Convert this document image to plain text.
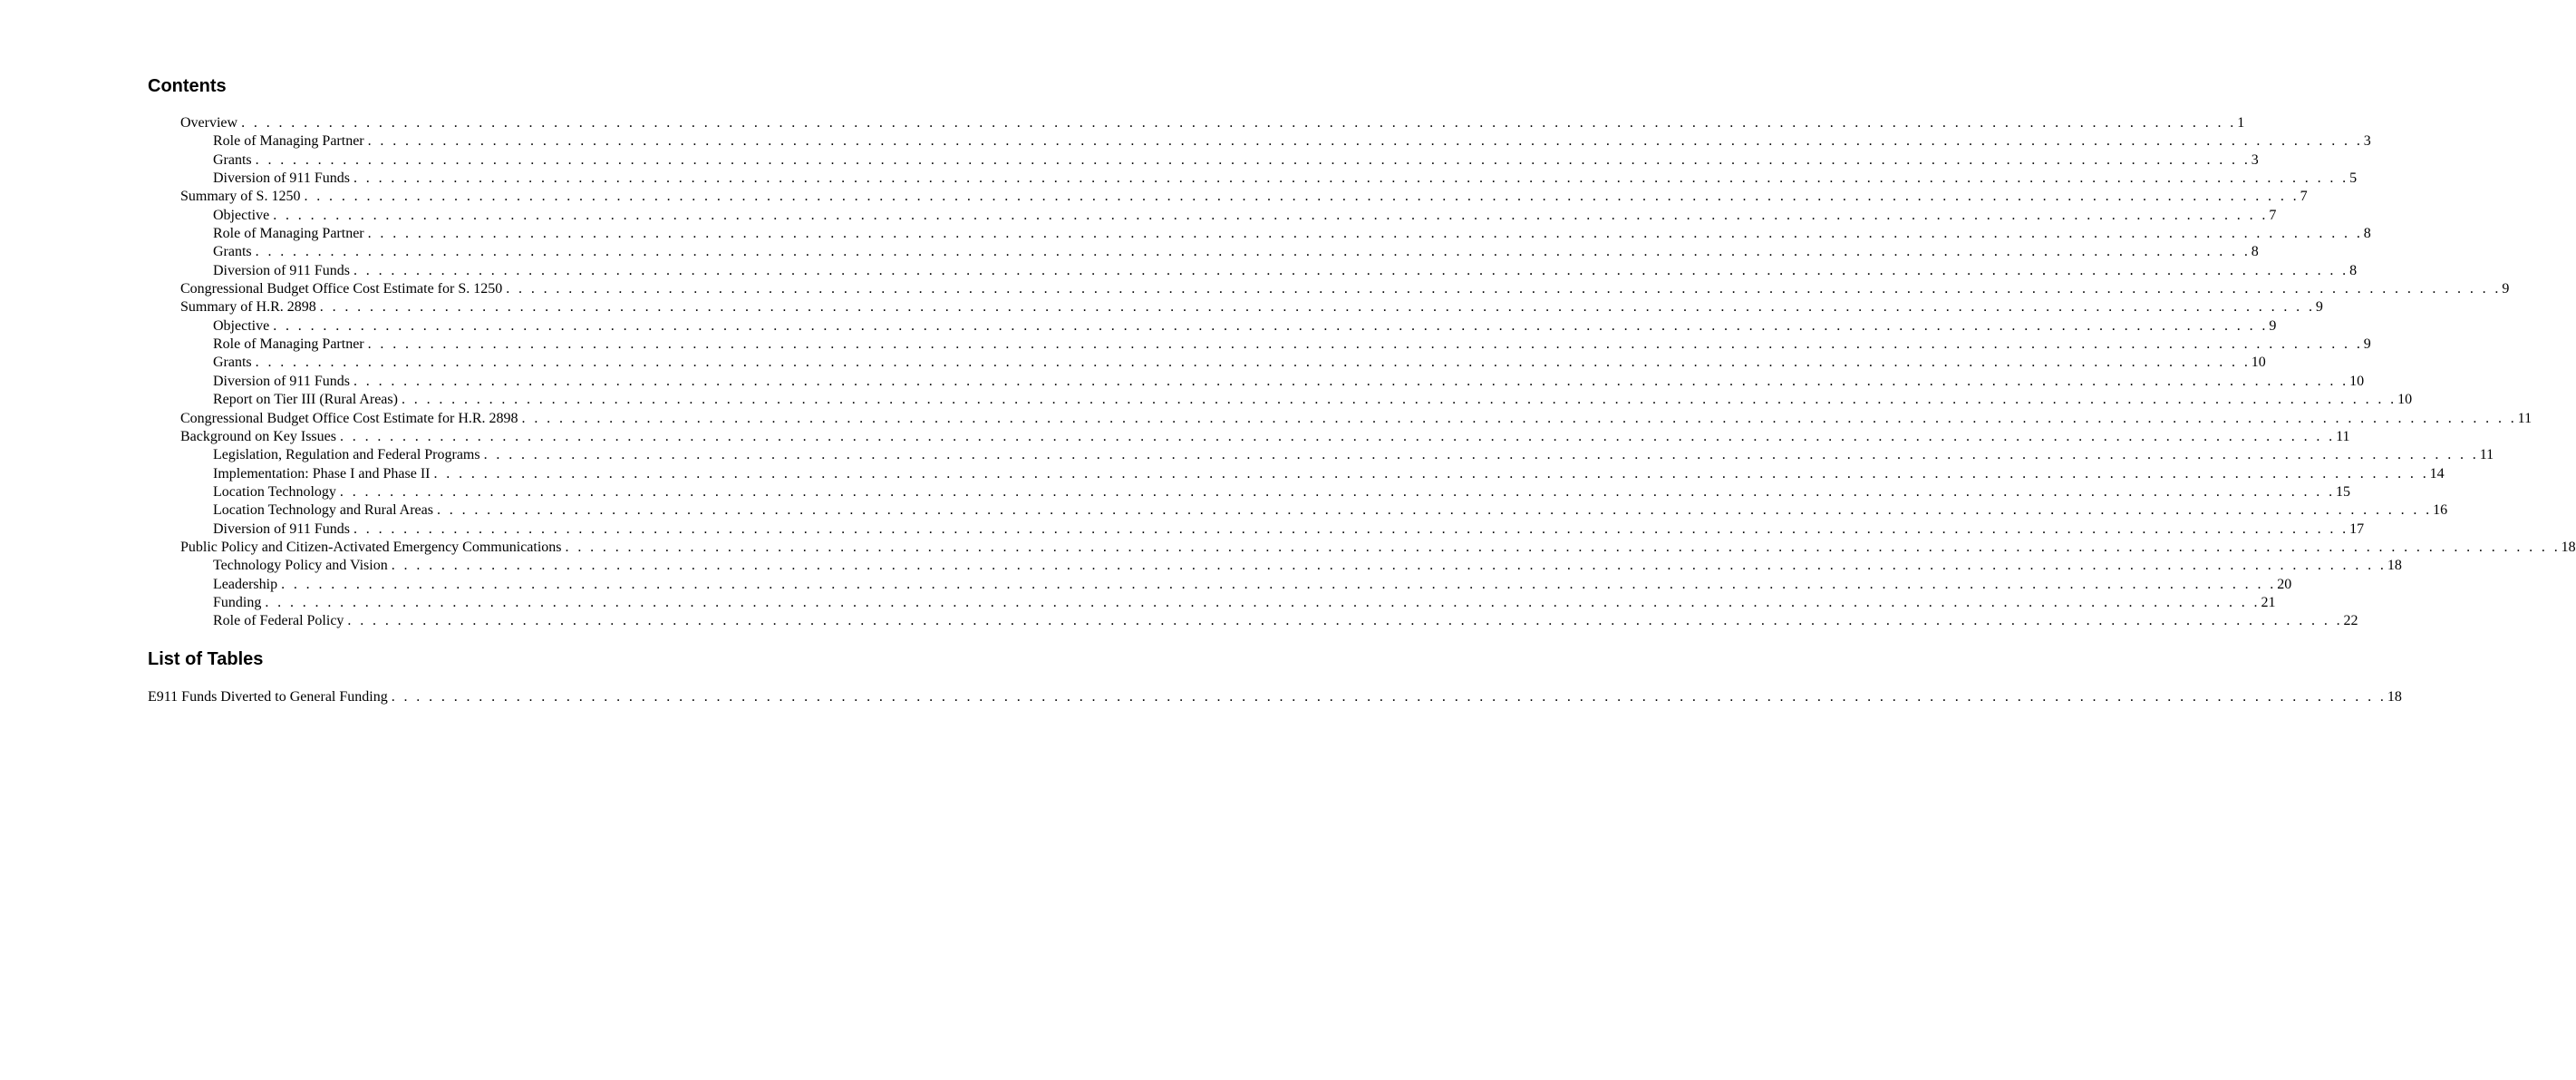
Contents
Overview . . . . . . . . . . . . . . . . . . . . . . . . . . . . . . . . . . . . . . . . . . . . . . . . . . . . . . . . . . . . . . . . . . . . . . . . . . . . . . . . . . . . . . . . . . . . . . . . . . . . . . . . . . . . . . . . . . . . . . . . . . . . . . . . . . . . . . . . . . . . . . . . . . . . . . . . . . . . . . . . 1
Role of Managing Partner . . . . . . . . . . . . . . . . . . . . . . . . . . . . . . . . . . . . . . . . . . . . . . . . . . . . . . . . . . . . . . . . . . . . . . . . . . . . . . . . . . . . . . . . . . . . . . . . . . . . . . . . . . . . . . . . . . . . . . . . . . . . . . . . . . . . . . . . . . . . . . . . . . . . . . . . . . . . . . . . 3
Grants . . . . . . . . . . . . . . . . . . . . . . . . . . . . . . . . . . . . . . . . . . . . . . . . . . . . . . . . . . . . . . . . . . . . . . . . . . . . . . . . . . . . . . . . . . . . . . . . . . . . . . . . . . . . . . . . . . . . . . . . . . . . . . . . . . . . . . . . . . . . . . . . . . . . . . . . . . . . . . . . 3
Diversion of 911 Funds . . . . . . . . . . . . . . . . . . . . . . . . . . . . . . . . . . . . . . . . . . . . . . . . . . . . . . . . . . . . . . . . . . . . . . . . . . . . . . . . . . . . . . . . . . . . . . . . . . . . . . . . . . . . . . . . . . . . . . . . . . . . . . . . . . . . . . . . . . . . . . . . . . . . . . . . . . . . . . . . 5
Summary of S. 1250 . . . . . . . . . . . . . . . . . . . . . . . . . . . . . . . . . . . . . . . . . . . . . . . . . . . . . . . . . . . . . . . . . . . . . . . . . . . . . . . . . . . . . . . . . . . . . . . . . . . . . . . . . . . . . . . . . . . . . . . . . . . . . . . . . . . . . . . . . . . . . . . . . . . . . . . . . . . . . . . . 7
Objective . . . . . . . . . . . . . . . . . . . . . . . . . . . . . . . . . . . . . . . . . . . . . . . . . . . . . . . . . . . . . . . . . . . . . . . . . . . . . . . . . . . . . . . . . . . . . . . . . . . . . . . . . . . . . . . . . . . . . . . . . . . . . . . . . . . . . . . . . . . . . . . . . . . . . . . . . . . . . . . . 7
Role of Managing Partner . . . . . . . . . . . . . . . . . . . . . . . . . . . . . . . . . . . . . . . . . . . . . . . . . . . . . . . . . . . . . . . . . . . . . . . . . . . . . . . . . . . . . . . . . . . . . . . . . . . . . . . . . . . . . . . . . . . . . . . . . . . . . . . . . . . . . . . . . . . . . . . . . . . . . . . . . . . . . . . . 8
Grants . . . . . . . . . . . . . . . . . . . . . . . . . . . . . . . . . . . . . . . . . . . . . . . . . . . . . . . . . . . . . . . . . . . . . . . . . . . . . . . . . . . . . . . . . . . . . . . . . . . . . . . . . . . . . . . . . . . . . . . . . . . . . . . . . . . . . . . . . . . . . . . . . . . . . . . . . . . . . . . . 8
Diversion of 911 Funds . . . . . . . . . . . . . . . . . . . . . . . . . . . . . . . . . . . . . . . . . . . . . . . . . . . . . . . . . . . . . . . . . . . . . . . . . . . . . . . . . . . . . . . . . . . . . . . . . . . . . . . . . . . . . . . . . . . . . . . . . . . . . . . . . . . . . . . . . . . . . . . . . . . . . . . . . . . . . . . . 8
Congressional Budget Office Cost Estimate for S. 1250 . . . . . . . . . . . . . . . . . . . . . . . . . . . . . . . . . . . . . . . . . . . . . . . . . . . . . . . . . . . . . . . . . . . . . . . . . . . . . . . . . . . . . . . . . . . . . . . . . . . . . . . . . . . . . . . . . . . . . . . . . . . . . . . . . . . . . . . . . . . . . . . . . . . . . . . . . . . . . . . . 9
Summary of H.R. 2898 . . . . . . . . . . . . . . . . . . . . . . . . . . . . . . . . . . . . . . . . . . . . . . . . . . . . . . . . . . . . . . . . . . . . . . . . . . . . . . . . . . . . . . . . . . . . . . . . . . . . . . . . . . . . . . . . . . . . . . . . . . . . . . . . . . . . . . . . . . . . . . . . . . . . . . . . . . . . . . . . 9
Objective . . . . . . . . . . . . . . . . . . . . . . . . . . . . . . . . . . . . . . . . . . . . . . . . . . . . . . . . . . . . . . . . . . . . . . . . . . . . . . . . . . . . . . . . . . . . . . . . . . . . . . . . . . . . . . . . . . . . . . . . . . . . . . . . . . . . . . . . . . . . . . . . . . . . . . . . . . . . . . . . 9
Role of Managing Partner . . . . . . . . . . . . . . . . . . . . . . . . . . . . . . . . . . . . . . . . . . . . . . . . . . . . . . . . . . . . . . . . . . . . . . . . . . . . . . . . . . . . . . . . . . . . . . . . . . . . . . . . . . . . . . . . . . . . . . . . . . . . . . . . . . . . . . . . . . . . . . . . . . . . . . . . . . . . . . . . 9
Grants . . . . . . . . . . . . . . . . . . . . . . . . . . . . . . . . . . . . . . . . . . . . . . . . . . . . . . . . . . . . . . . . . . . . . . . . . . . . . . . . . . . . . . . . . . . . . . . . . . . . . . . . . . . . . . . . . . . . . . . . . . . . . . . . . . . . . . . . . . . . . . . . . . . . . . . . . . . . . . . . 10
Diversion of 911 Funds . . . . . . . . . . . . . . . . . . . . . . . . . . . . . . . . . . . . . . . . . . . . . . . . . . . . . . . . . . . . . . . . . . . . . . . . . . . . . . . . . . . . . . . . . . . . . . . . . . . . . . . . . . . . . . . . . . . . . . . . . . . . . . . . . . . . . . . . . . . . . . . . . . . . . . . . . . . . . . . . 10
Report on Tier III (Rural Areas) . . . . . . . . . . . . . . . . . . . . . . . . . . . . . . . . . . . . . . . . . . . . . . . . . . . . . . . . . . . . . . . . . . . . . . . . . . . . . . . . . . . . . . . . . . . . . . . . . . . . . . . . . . . . . . . . . . . . . . . . . . . . . . . . . . . . . . . . . . . . . . . . . . . . . . . . . . . . . . . . 10
Congressional Budget Office Cost Estimate for H.R. 2898 . . . . . . . . . . . . . . . . . . . . . . . . . . . . . . . . . . . . . . . . . . . . . . . . . . . . . . . . . . . . . . . . . . . . . . . . . . . . . . . . . . . . . . . . . . . . . . . . . . . . . . . . . . . . . . . . . . . . . . . . . . . . . . . . . . . . . . . . . . . . . . . . . . . . . . . . . . . . . . . . 11
Background on Key Issues . . . . . . . . . . . . . . . . . . . . . . . . . . . . . . . . . . . . . . . . . . . . . . . . . . . . . . . . . . . . . . . . . . . . . . . . . . . . . . . . . . . . . . . . . . . . . . . . . . . . . . . . . . . . . . . . . . . . . . . . . . . . . . . . . . . . . . . . . . . . . . . . . . . . . . . . . . . . . . . . 11
Legislation, Regulation and Federal Programs . . . . . . . . . . . . . . . . . . . . . . . . . . . . . . . . . . . . . . . . . . . . . . . . . . . . . . . . . . . . . . . . . . . . . . . . . . . . . . . . . . . . . . . . . . . . . . . . . . . . . . . . . . . . . . . . . . . . . . . . . . . . . . . . . . . . . . . . . . . . . . . . . . . . . . . . . . . . . . . . 11
Implementation: Phase I and Phase II . . . . . . . . . . . . . . . . . . . . . . . . . . . . . . . . . . . . . . . . . . . . . . . . . . . . . . . . . . . . . . . . . . . . . . . . . . . . . . . . . . . . . . . . . . . . . . . . . . . . . . . . . . . . . . . . . . . . . . . . . . . . . . . . . . . . . . . . . . . . . . . . . . . . . . . . . . . . . . . . 14
Location Technology . . . . . . . . . . . . . . . . . . . . . . . . . . . . . . . . . . . . . . . . . . . . . . . . . . . . . . . . . . . . . . . . . . . . . . . . . . . . . . . . . . . . . . . . . . . . . . . . . . . . . . . . . . . . . . . . . . . . . . . . . . . . . . . . . . . . . . . . . . . . . . . . . . . . . . . . . . . . . . . . 15
Location Technology and Rural Areas . . . . . . . . . . . . . . . . . . . . . . . . . . . . . . . . . . . . . . . . . . . . . . . . . . . . . . . . . . . . . . . . . . . . . . . . . . . . . . . . . . . . . . . . . . . . . . . . . . . . . . . . . . . . . . . . . . . . . . . . . . . . . . . . . . . . . . . . . . . . . . . . . . . . . . . . . . . . . . . . 16
Diversion of 911 Funds . . . . . . . . . . . . . . . . . . . . . . . . . . . . . . . . . . . . . . . . . . . . . . . . . . . . . . . . . . . . . . . . . . . . . . . . . . . . . . . . . . . . . . . . . . . . . . . . . . . . . . . . . . . . . . . . . . . . . . . . . . . . . . . . . . . . . . . . . . . . . . . . . . . . . . . . . . . . . . . . 17
Public Policy and Citizen-Activated Emergency Communications . . . . . . . . . . . . . . . . . . . . . . . . . . . . . . . . . . . . . . . . . . . . . . . . . . . . . . . . . . . . . . . . . . . . . . . . . . . . . . . . . . . . . . . . . . . . . . . . . . . . . . . . . . . . . . . . . . . . . . . . . . . . . . . . . . . . . . . . . . . . . . . . . . . . . . . . . . . . . . . . 18
Technology Policy and Vision . . . . . . . . . . . . . . . . . . . . . . . . . . . . . . . . . . . . . . . . . . . . . . . . . . . . . . . . . . . . . . . . . . . . . . . . . . . . . . . . . . . . . . . . . . . . . . . . . . . . . . . . . . . . . . . . . . . . . . . . . . . . . . . . . . . . . . . . . . . . . . . . . . . . . . . . . . . . . . . . 18
Leadership . . . . . . . . . . . . . . . . . . . . . . . . . . . . . . . . . . . . . . . . . . . . . . . . . . . . . . . . . . . . . . . . . . . . . . . . . . . . . . . . . . . . . . . . . . . . . . . . . . . . . . . . . . . . . . . . . . . . . . . . . . . . . . . . . . . . . . . . . . . . . . . . . . . . . . . . . . . . . . . . 20
Funding . . . . . . . . . . . . . . . . . . . . . . . . . . . . . . . . . . . . . . . . . . . . . . . . . . . . . . . . . . . . . . . . . . . . . . . . . . . . . . . . . . . . . . . . . . . . . . . . . . . . . . . . . . . . . . . . . . . . . . . . . . . . . . . . . . . . . . . . . . . . . . . . . . . . . . . . . . . . . . . . 21
Role of Federal Policy . . . . . . . . . . . . . . . . . . . . . . . . . . . . . . . . . . . . . . . . . . . . . . . . . . . . . . . . . . . . . . . . . . . . . . . . . . . . . . . . . . . . . . . . . . . . . . . . . . . . . . . . . . . . . . . . . . . . . . . . . . . . . . . . . . . . . . . . . . . . . . . . . . . . . . . . . . . . . . . . 22
List of Tables
E911 Funds Diverted to General Funding . . . . . . . . . . . . . . . . . . . . . . . . . . . . . . . . . . . . . . . . . . . . . . . . . . . . . . . . . . . . . . . . . . . . . . . . . . . . . . . . . . . . . . . . . . . . . . . . . . . . . . . . . . . . . . . . . . . . . . . . . . . . . . . . . . . . . . . . . . . . . . . . . . . . . . . . . . . . . . . . 18
